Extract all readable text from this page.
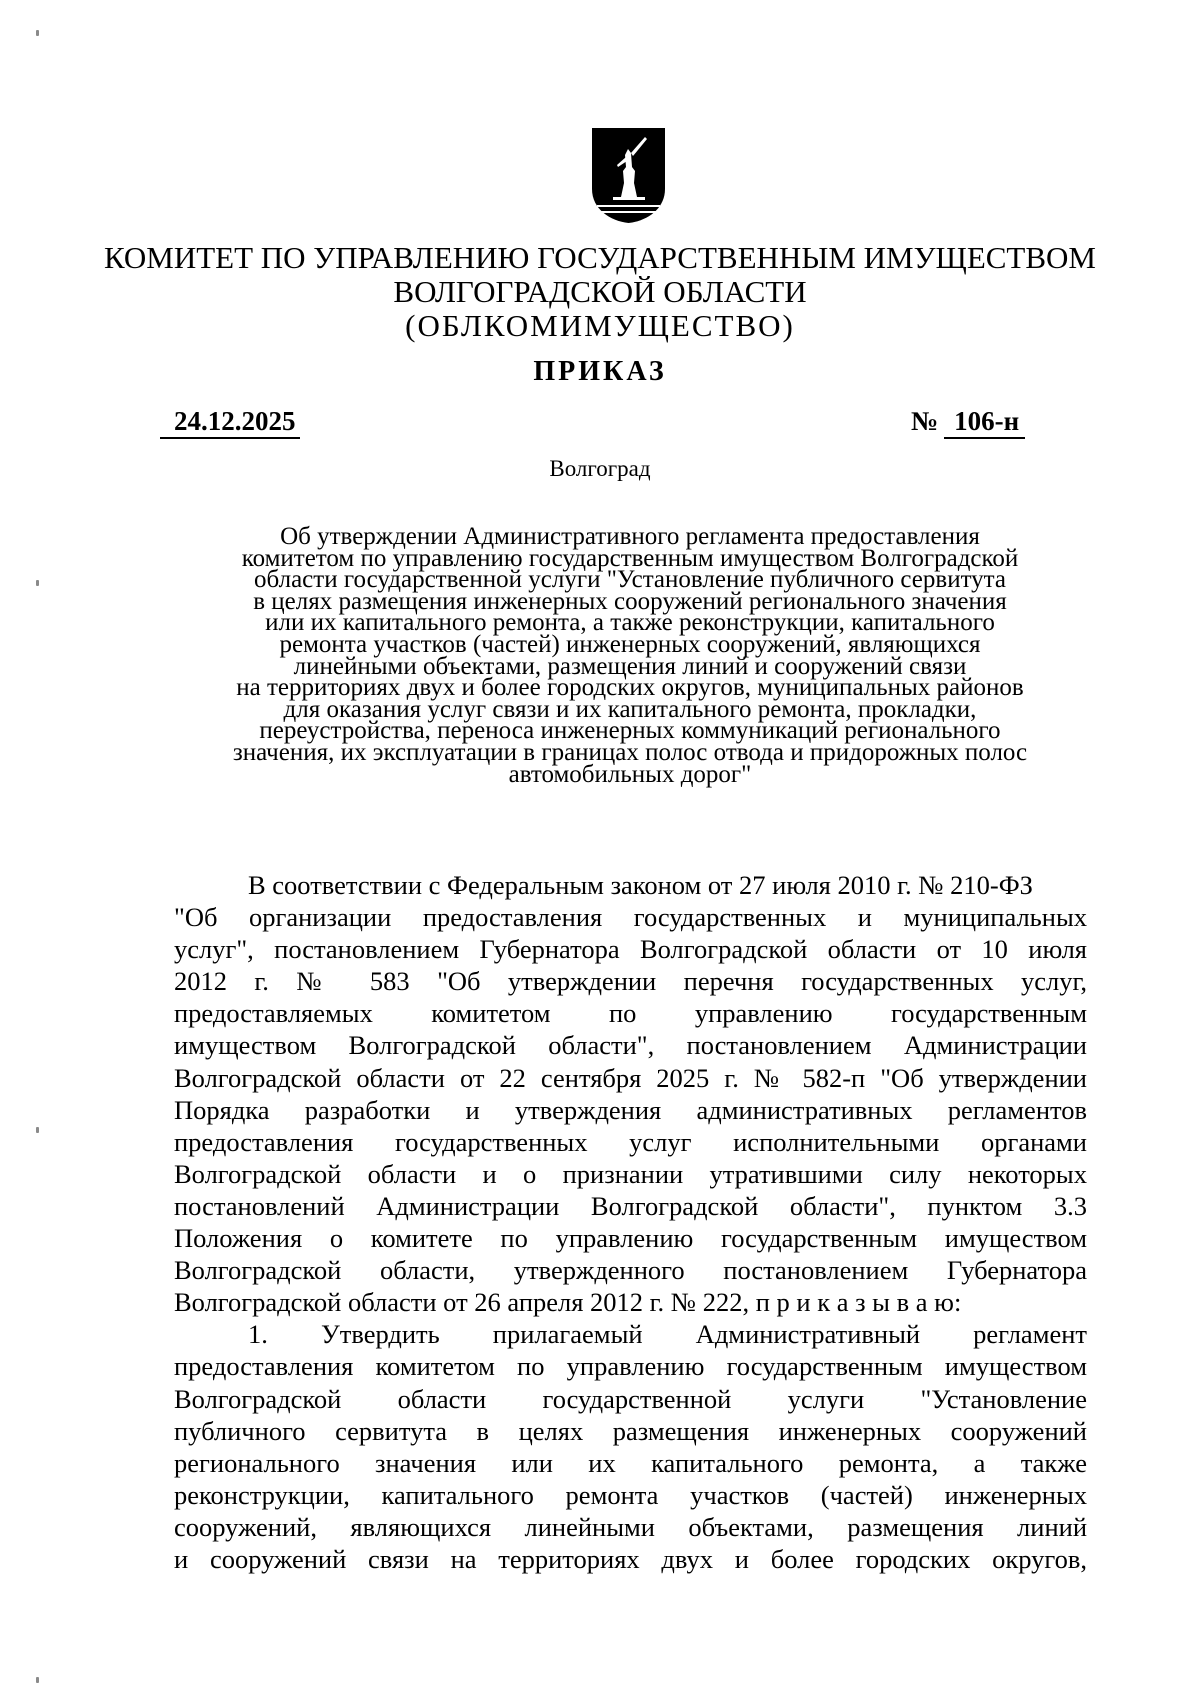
КОМИТЕТ ПО УПРАВЛЕНИЮ ГОСУДАРСТВЕННЫМ ИМУЩЕСТВОМ
ВОЛГОГРАДСКОЙ ОБЛАСТИ
(ОБЛКОМИМУЩЕСТВО)
ПРИКАЗ
24.12.2025	№ 106-н
Волгоград
Об утверждении Административного регламента предоставления
комитетом по управлению государственным имуществом Волгоградской
области государственной услуги "Установление публичного сервитута
в целях размещения инженерных сооружений регионального значения
или их капитального ремонта, а также реконструкции, капитального
ремонта участков (частей) инженерных сооружений, являющихся
линейными объектами, размещения линий и сооружений связи
на территориях двух и более городских округов, муниципальных районов
для оказания услуг связи и их капитального ремонта, прокладки,
переустройства, переноса инженерных коммуникаций регионального
значения, их эксплуатации в границах полос отвода и придорожных полос
автомобильных дорог"
В соответствии с Федеральным законом от 27 июля 2010 г. № 210-ФЗ
"Об организации предоставления государственных и муниципальных
услуг", постановлением Губернатора Волгоградской области от 10 июля
2012 г. № 583 "Об утверждении перечня государственных услуг,
предоставляемых комитетом по управлению государственным
имуществом Волгоградской области", постановлением Администрации
Волгоградской области от 22 сентября 2025 г. № 582-п "Об утверждении
Порядка разработки и утверждения административных регламентов
предоставления государственных услуг исполнительными органами
Волгоградской области и о признании утратившими силу некоторых
постановлений Администрации Волгоградской области", пунктом 3.3
Положения о комитете по управлению государственным имуществом
Волгоградской области, утвержденного постановлением Губернатора
Волгоградской области от 26 апреля 2012 г. № 222, п р и к а з ы в а ю:
1. Утвердить прилагаемый Административный регламент
предоставления комитетом по управлению государственным имуществом
Волгоградской области государственной услуги "Установление
публичного сервитута в целях размещения инженерных сооружений
регионального значения или их капитального ремонта, а также
реконструкции, капитального ремонта участков (частей) инженерных
сооружений, являющихся линейными объектами, размещения линий
и сооружений связи на территориях двух и более городских округов,
